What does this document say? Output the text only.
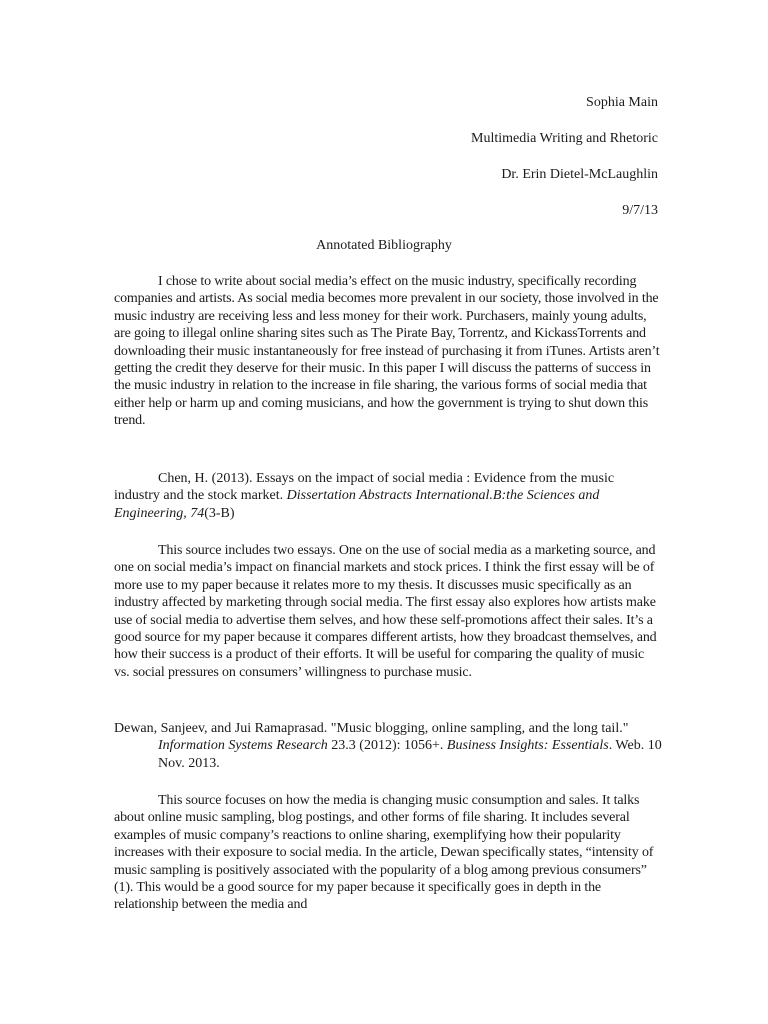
Sophia Main
Multimedia Writing and Rhetoric
Dr. Erin Dietel-McLaughlin
9/7/13
Annotated Bibliography
I chose to write about social media’s effect on the music industry, specifically recording companies and artists. As social media becomes more prevalent in our society, those involved in the music industry are receiving less and less money for their work. Purchasers, mainly young adults, are going to illegal online sharing sites such as The Pirate Bay, Torrentz, and KickassTorrents and downloading their music instantaneously for free instead of purchasing it from iTunes. Artists aren’t getting the credit they deserve for their music. In this paper I will discuss the patterns of success in the music industry in relation to the increase in file sharing, the various forms of social media that either help or harm up and coming musicians, and how the government is trying to shut down this trend.
Chen, H. (2013). Essays on the impact of social media : Evidence from the music industry and the stock market. Dissertation Abstracts International.B:the Sciences and Engineering, 74(3-B)
This source includes two essays. One on the use of social media as a marketing source, and one on social media’s impact on financial markets and stock prices. I think the first essay will be of more use to my paper because it relates more to my thesis. It discusses music specifically as an industry affected by marketing through social media. The first essay also explores how artists make use of social media to advertise them selves, and how these self-promotions affect their sales. It’s a good source for my paper because it compares different artists, how they broadcast themselves, and how their success is a product of their efforts. It will be useful for comparing the quality of music vs. social pressures on consumers’ willingness to purchase music.
Dewan, Sanjeev, and Jui Ramaprasad. "Music blogging, online sampling, and the long tail." Information Systems Research 23.3 (2012): 1056+. Business Insights: Essentials. Web. 10 Nov. 2013.
This source focuses on how the media is changing music consumption and sales. It talks about online music sampling, blog postings, and other forms of file sharing. It includes several examples of music company’s reactions to online sharing, exemplifying how their popularity increases with their exposure to social media. In the article, Dewan specifically states, “intensity of music sampling is positively associated with the popularity of a blog among previous consumers” (1). This would be a good source for my paper because it specifically goes in depth in the relationship between the media and
